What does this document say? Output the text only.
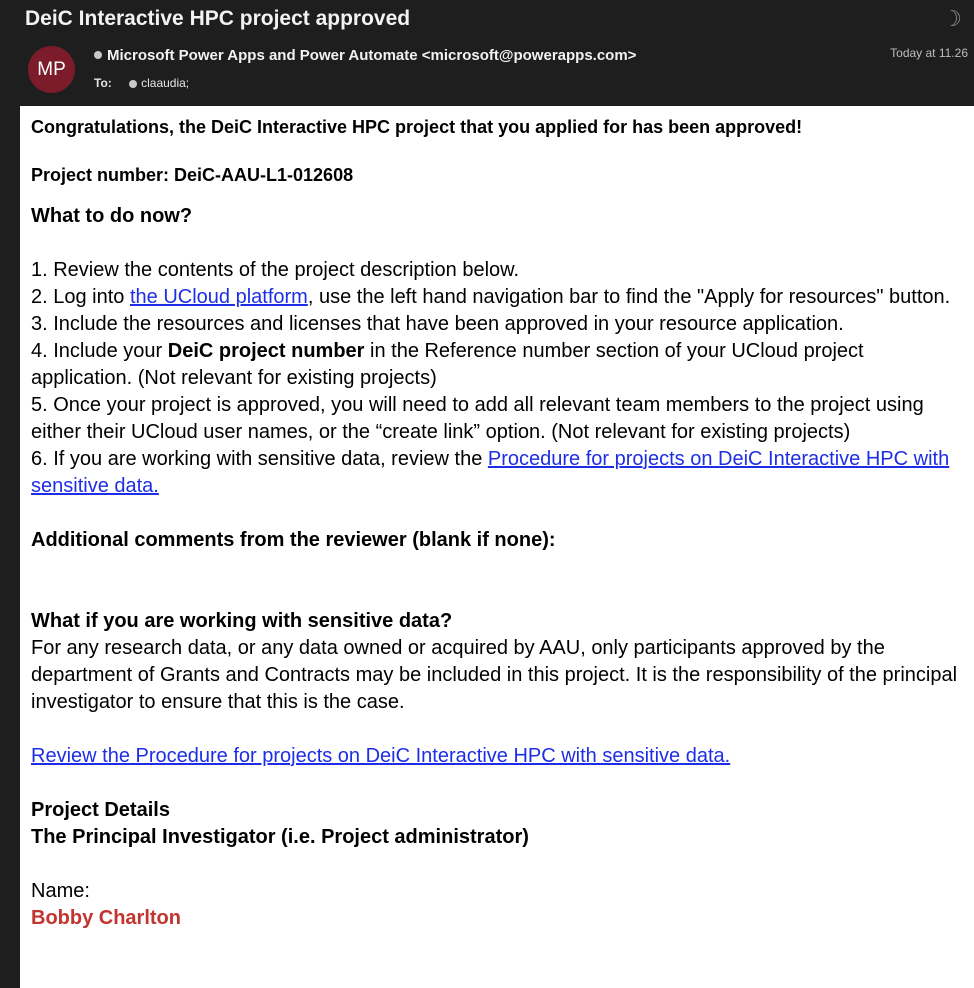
DeiC Interactive HPC project approved	☽
MP
Microsoft Power Apps and Power Automate <microsoft@powerapps.com>
To: claaudia;
Today at 11.26

Congratulations, the DeiC Interactive HPC project that you applied for has been approved!

Project number: DeiC-AAU-L1-012608

What to do now?

1. Review the contents of the project description below.

2. Log into the UCloud platform, use the left hand navigation bar to find the "Apply for resources" button.

3. Include the resources and licenses that have been approved in your resource application.

4. Include your DeiC project number in the Reference number section of your UCloud project application. (Not relevant for existing projects)

5. Once your project is approved, you will need to add all relevant team members to the project using either their UCloud user names, or the “create link” option. (Not relevant for existing projects)

6. If you are working with sensitive data, review the Procedure for projects on DeiC Interactive HPC with sensitive data.

Additional comments from the reviewer (blank if none):

What if you are working with sensitive data?

For any research data, or any data owned or acquired by AAU, only participants approved by the department of Grants and Contracts may be included in this project. It is the responsibility of the principal investigator to ensure that this is the case.

Review the Procedure for projects on DeiC Interactive HPC with sensitive data.

Project Details

The Principal Investigator (i.e. Project administrator)

Name:

Bobby Charlton
